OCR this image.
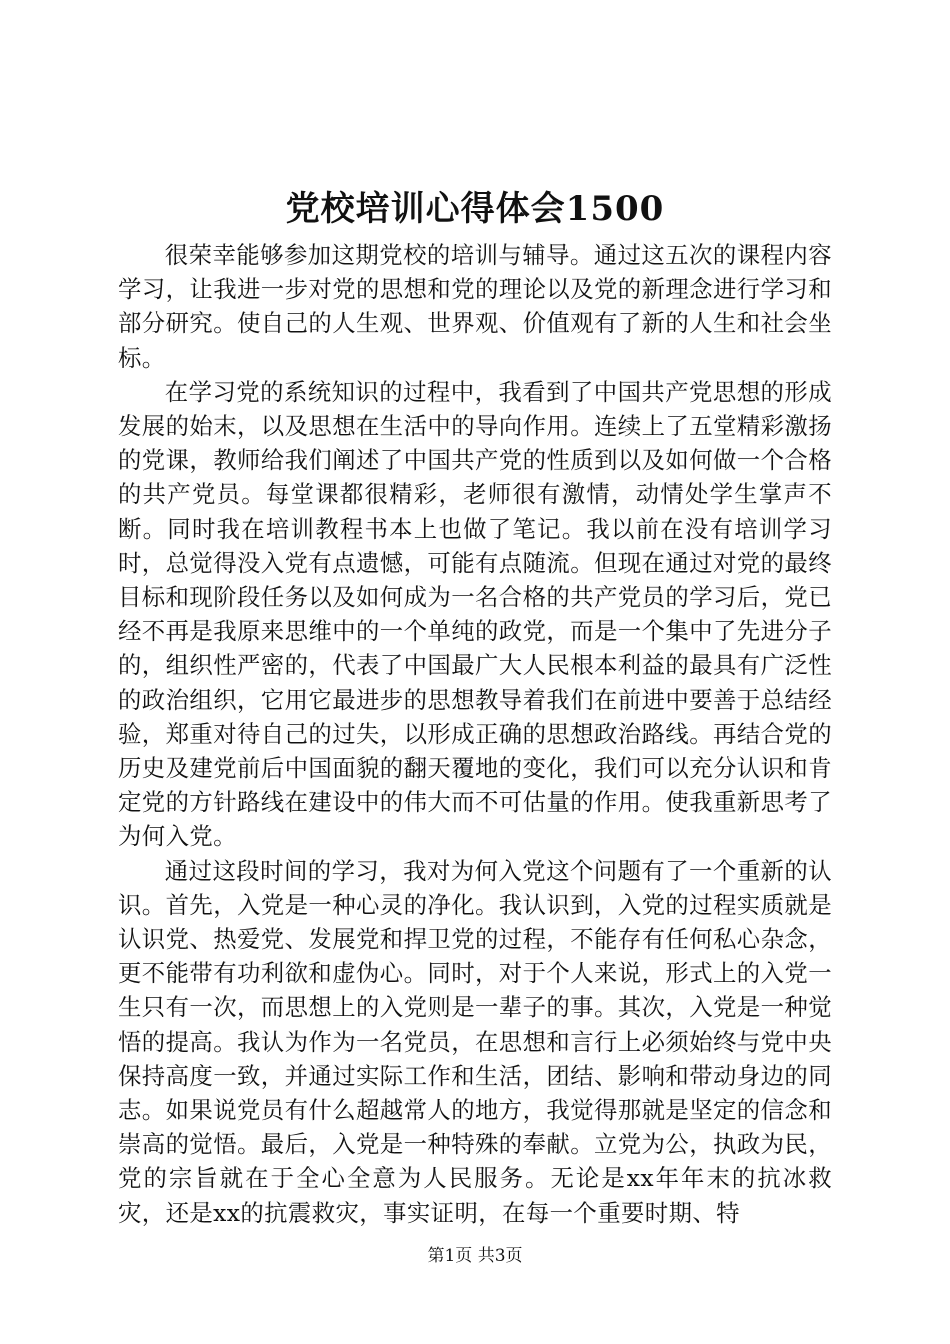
党校培训心得体会1500

很荣幸能够参加这期党校的培训与辅导。通过这五次的课程内容学习，让我进一步对党的思想和党的理论以及党的新理念进行学习和部分研究。使自己的人生观、世界观、价值观有了新的人生和社会坐标。

在学习党的系统知识的过程中，我看到了中国共产党思想的形成发展的始末，以及思想在生活中的导向作用。连续上了五堂精彩激扬的党课，教师给我们阐述了中国共产党的性质到以及如何做一个合格的共产党员。每堂课都很精彩，老师很有激情，动情处学生掌声不断。同时我在培训教程书本上也做了笔记。我以前在没有培训学习时，总觉得没入党有点遗憾，可能有点随流。但现在通过对党的最终目标和现阶段任务以及如何成为一名合格的共产党员的学习后，党已经不再是我原来思维中的一个单纯的政党，而是一个集中了先进分子的，组织性严密的，代表了中国最广大人民根本利益的最具有广泛性的政治组织，它用它最进步的思想教导着我们在前进中要善于总结经验，郑重对待自己的过失，以形成正确的思想政治路线。再结合党的历史及建党前后中国面貌的翻天覆地的变化，我们可以充分认识和肯定党的方针路线在建设中的伟大而不可估量的作用。使我重新思考了为何入党。

通过这段时间的学习，我对为何入党这个问题有了一个重新的认识。首先，入党是一种心灵的净化。我认识到，入党的过程实质就是认识党、热爱党、发展党和捍卫党的过程，不能存有任何私心杂念，更不能带有功利欲和虚伪心。同时，对于个人来说，形式上的入党一生只有一次，而思想上的入党则是一辈子的事。其次，入党是一种觉悟的提高。我认为作为一名党员，在思想和言行上必须始终与党中央保持高度一致，并通过实际工作和生活，团结、影响和带动身边的同志。如果说党员有什么超越常人的地方，我觉得那就是坚定的信念和崇高的觉悟。最后，入党是一种特殊的奉献。立党为公，执政为民，党的宗旨就在于全心全意为人民服务。无论是xx年年末的抗冰救灾，还是xx的抗震救灾，事实证明，在每一个重要时期、特

第1页 共3页
